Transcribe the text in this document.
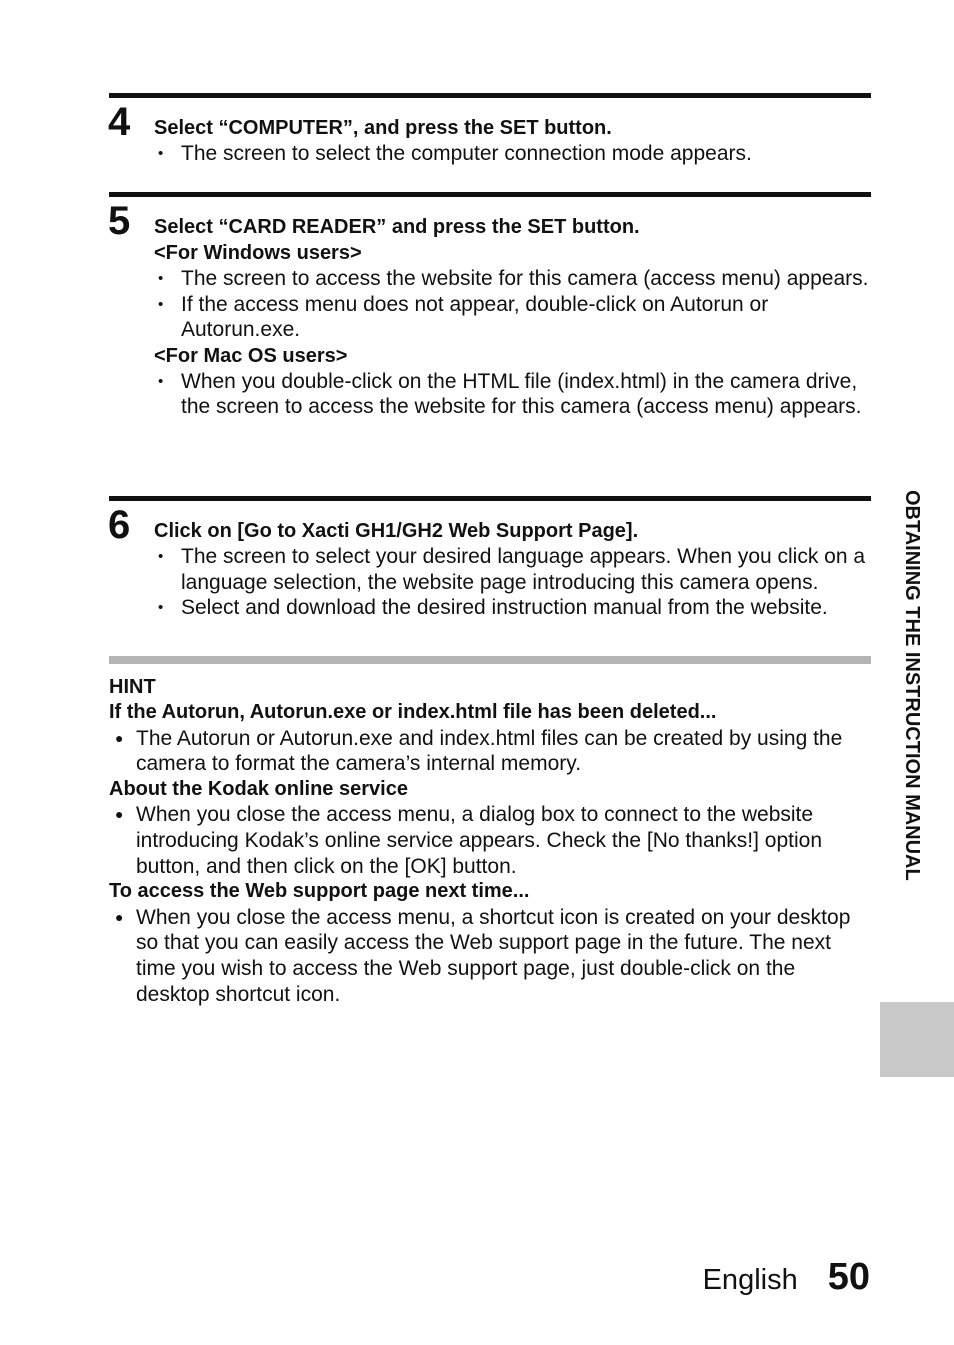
4 Select “COMPUTER”, and press the SET button.
• The screen to select the computer connection mode appears.
5 Select “CARD READER” and press the SET button.
<For Windows users>
• The screen to access the website for this camera (access menu) appears.
• If the access menu does not appear, double-click on Autorun or Autorun.exe.
<For Mac OS users>
• When you double-click on the HTML file (index.html) in the camera drive, the screen to access the website for this camera (access menu) appears.
6 Click on [Go to Xacti GH1/GH2 Web Support Page].
• The screen to select your desired language appears. When you click on a language selection, the website page introducing this camera opens.
• Select and download the desired instruction manual from the website.
HINT
If the Autorun, Autorun.exe or index.html file has been deleted...
● The Autorun or Autorun.exe and index.html files can be created by using the camera to format the camera’s internal memory.
About the Kodak online service
● When you close the access menu, a dialog box to connect to the website introducing Kodak’s online service appears. Check the [No thanks!] option button, and then click on the [OK] button.
To access the Web support page next time...
● When you close the access menu, a shortcut icon is created on your desktop so that you can easily access the Web support page in the future. The next time you wish to access the Web support page, just double-click on the desktop shortcut icon.
OBTAINING THE INSTRUCTION MANUAL
English 50
